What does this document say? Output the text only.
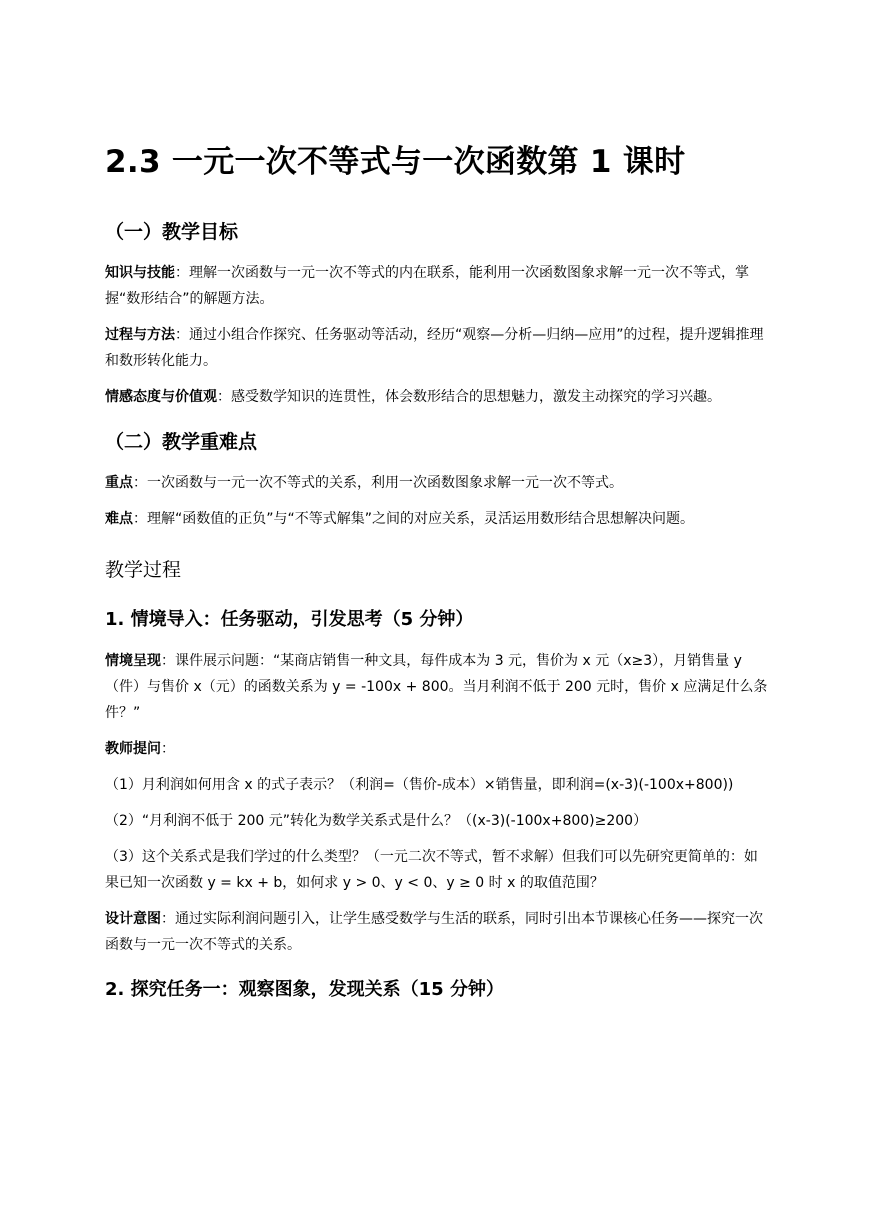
2.3 一元一次不等式与一次函数第 1 课时
（一）教学目标

知识与技能：理解一次函数与一元一次不等式的内在联系，能利用一次函数图象求解一元一次不等式，掌握“数形结合”的解题方法。

过程与方法：通过小组合作探究、任务驱动等活动，经历“观察—分析—归纳—应用”的过程，提升逻辑推理和数形转化能力。

情感态度与价值观：感受数学知识的连贯性，体会数形结合的思想魅力，激发主动探究的学习兴趣。

（二）教学重难点

重点：一次函数与一元一次不等式的关系，利用一次函数图象求解一元一次不等式。

难点：理解“函数值的正负”与“不等式解集”之间的对应关系，灵活运用数形结合思想解决问题。

教学过程
1. 情境导入：任务驱动，引发思考（5 分钟）

情境呈现：课件展示问题：“某商店销售一种文具，每件成本为 3 元，售价为 x 元（x≥3），月销售量 y（件）与售价 x（元）的函数关系为 y = -100x + 800。当月利润不低于 200 元时，售价 x 应满足什么条件？”

教师提问：

（1）月利润如何用含 x 的式子表示？（利润=（售价-成本）×销售量，即利润=(x-3)(-100x+800))

（2）“月利润不低于 200 元”转化为数学关系式是什么？（(x-3)(-100x+800)≥200）

（3）这个关系式是我们学过的什么类型？（一元二次不等式，暂不求解）但我们可以先研究更简单的：如果已知一次函数 y = kx + b，如何求 y > 0、y < 0、y ≥ 0 时 x 的取值范围？

设计意图：通过实际利润问题引入，让学生感受数学与生活的联系，同时引出本节课核心任务——探究一次函数与一元一次不等式的关系。

2. 探究任务一：观察图象，发现关系（15 分钟）
